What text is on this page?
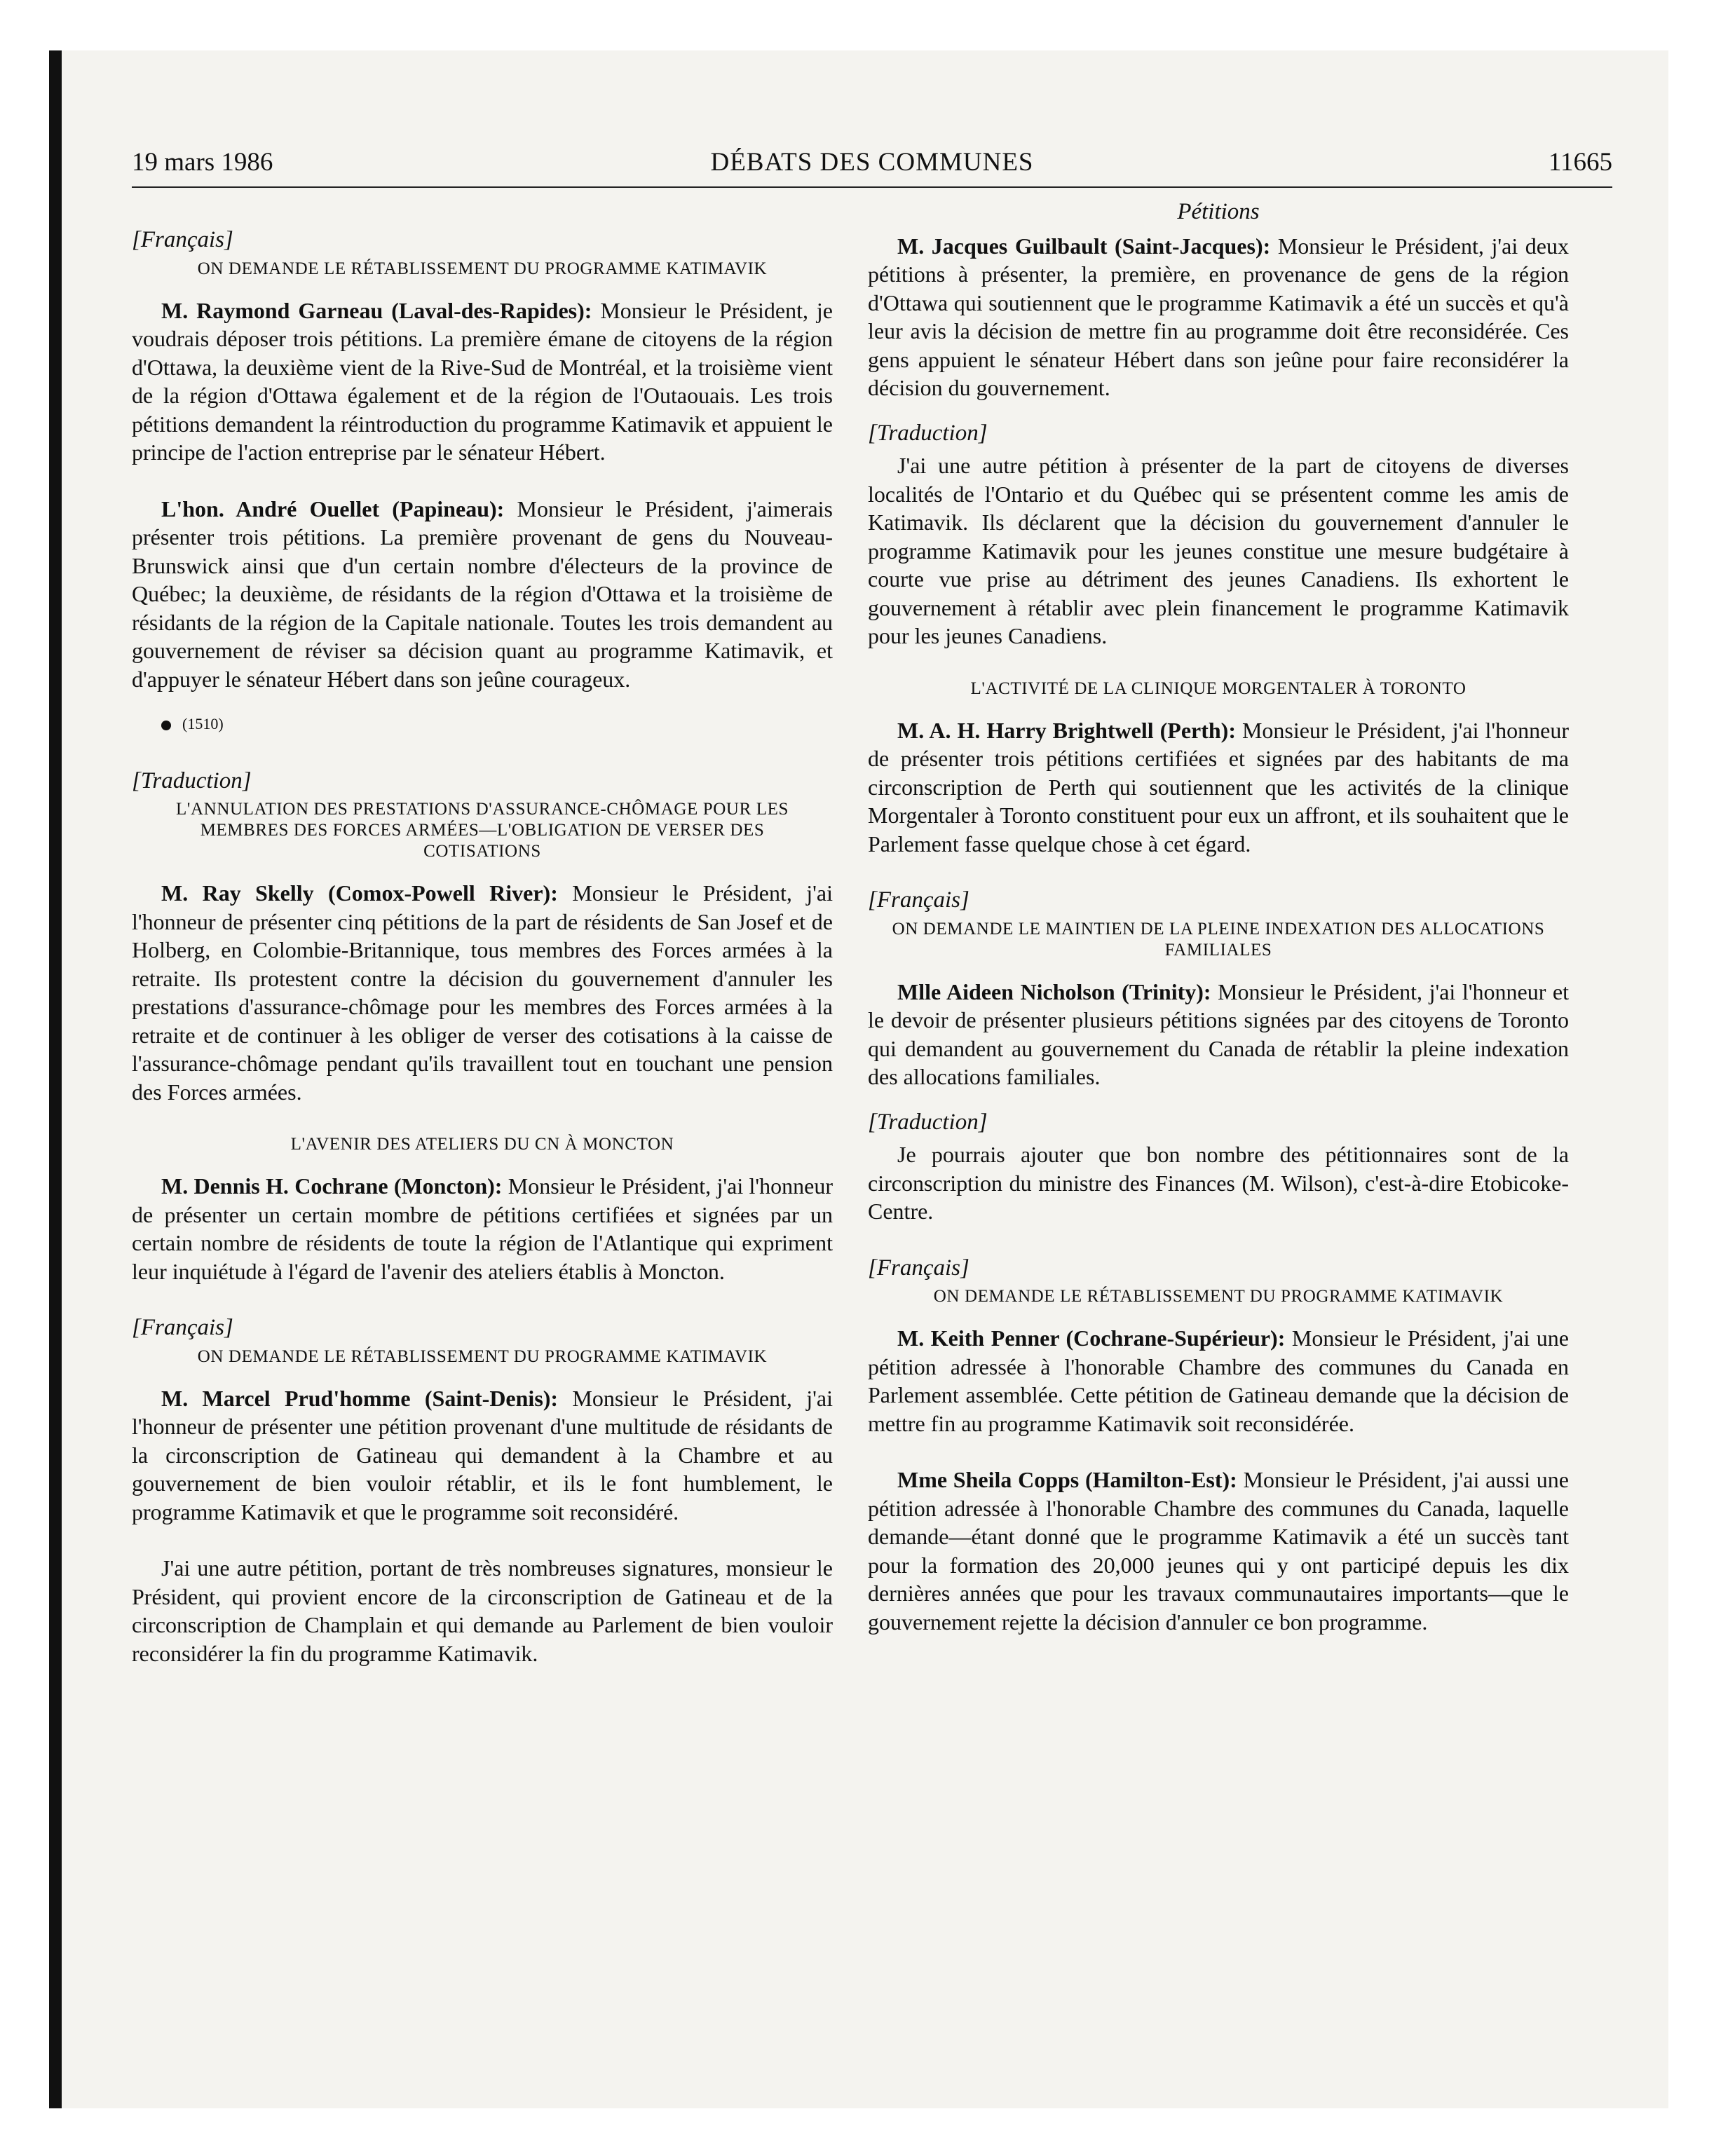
19 mars 1986	DÉBATS DES COMMUNES	11665

[Français]

ON DEMANDE LE RÉTABLISSEMENT DU PROGRAMME KATIMAVIK

M. Raymond Garneau (Laval-des-Rapides): Monsieur le Président, je voudrais déposer trois pétitions. La première émane de citoyens de la région d'Ottawa, la deuxième vient de la Rive-Sud de Montréal, et la troisième vient de la région d'Ottawa également et de la région de l'Outaouais. Les trois pétitions demandent la réintroduction du programme Katimavik et appuient le principe de l'action entreprise par le sénateur Hébert.

L'hon. André Ouellet (Papineau): Monsieur le Président, j'aimerais présenter trois pétitions. La première provenant de gens du Nouveau-Brunswick ainsi que d'un certain nombre d'électeurs de la province de Québec; la deuxième, de résidants de la région d'Ottawa et la troisième de résidants de la région de la Capitale nationale. Toutes les trois demandent au gouvernement de réviser sa décision quant au programme Katimavik, et d'appuyer le sénateur Hébert dans son jeûne courageux.

(1510)

[Traduction]

L'ANNULATION DES PRESTATIONS D'ASSURANCE-CHÔMAGE POUR LES MEMBRES DES FORCES ARMÉES—L'OBLIGATION DE VERSER DES COTISATIONS

M. Ray Skelly (Comox-Powell River): Monsieur le Président, j'ai l'honneur de présenter cinq pétitions de la part de résidents de San Josef et de Holberg, en Colombie-Britannique, tous membres des Forces armées à la retraite. Ils protestent contre la décision du gouvernement d'annuler les prestations d'assurance-chômage pour les membres des Forces armées à la retraite et de continuer à les obliger de verser des cotisations à la caisse de l'assurance-chômage pendant qu'ils travaillent tout en touchant une pension des Forces armées.

L'AVENIR DES ATELIERS DU CN À MONCTON

M. Dennis H. Cochrane (Moncton): Monsieur le Président, j'ai l'honneur de présenter un certain mombre de pétitions certifiées et signées par un certain nombre de résidents de toute la région de l'Atlantique qui expriment leur inquiétude à l'égard de l'avenir des ateliers établis à Moncton.

[Français]

ON DEMANDE LE RÉTABLISSEMENT DU PROGRAMME KATIMAVIK

M. Marcel Prud'homme (Saint-Denis): Monsieur le Président, j'ai l'honneur de présenter une pétition provenant d'une multitude de résidants de la circonscription de Gatineau qui demandent à la Chambre et au gouvernement de bien vouloir rétablir, et ils le font humblement, le programme Katimavik et que le programme soit reconsidéré.

J'ai une autre pétition, portant de très nombreuses signatures, monsieur le Président, qui provient encore de la circonscription de Gatineau et de la circonscription de Champlain et qui demande au Parlement de bien vouloir reconsidérer la fin du programme Katimavik.

Pétitions

M. Jacques Guilbault (Saint-Jacques): Monsieur le Président, j'ai deux pétitions à présenter, la première, en provenance de gens de la région d'Ottawa qui soutiennent que le programme Katimavik a été un succès et qu'à leur avis la décision de mettre fin au programme doit être reconsidérée. Ces gens appuient le sénateur Hébert dans son jeûne pour faire reconsidérer la décision du gouvernement.

[Traduction]

J'ai une autre pétition à présenter de la part de citoyens de diverses localités de l'Ontario et du Québec qui se présentent comme les amis de Katimavik. Ils déclarent que la décision du gouvernement d'annuler le programme Katimavik pour les jeunes constitue une mesure budgétaire à courte vue prise au détriment des jeunes Canadiens. Ils exhortent le gouvernement à rétablir avec plein financement le programme Katimavik pour les jeunes Canadiens.

L'ACTIVITÉ DE LA CLINIQUE MORGENTALER À TORONTO

M. A. H. Harry Brightwell (Perth): Monsieur le Président, j'ai l'honneur de présenter trois pétitions certifiées et signées par des habitants de ma circonscription de Perth qui soutiennent que les activités de la clinique Morgentaler à Toronto constituent pour eux un affront, et ils souhaitent que le Parlement fasse quelque chose à cet égard.

[Français]

ON DEMANDE LE MAINTIEN DE LA PLEINE INDEXATION DES ALLOCATIONS FAMILIALES

Mlle Aideen Nicholson (Trinity): Monsieur le Président, j'ai l'honneur et le devoir de présenter plusieurs pétitions signées par des citoyens de Toronto qui demandent au gouvernement du Canada de rétablir la pleine indexation des allocations familiales.

[Traduction]

Je pourrais ajouter que bon nombre des pétitionnaires sont de la circonscription du ministre des Finances (M. Wilson), c'est-à-dire Etobicoke-Centre.

[Français]

ON DEMANDE LE RÉTABLISSEMENT DU PROGRAMME KATIMAVIK

M. Keith Penner (Cochrane-Supérieur): Monsieur le Président, j'ai une pétition adressée à l'honorable Chambre des communes du Canada en Parlement assemblée. Cette pétition de Gatineau demande que la décision de mettre fin au programme Katimavik soit reconsidérée.

Mme Sheila Copps (Hamilton-Est): Monsieur le Président, j'ai aussi une pétition adressée à l'honorable Chambre des communes du Canada, laquelle demande—étant donné que le programme Katimavik a été un succès tant pour la formation des 20,000 jeunes qui y ont participé depuis les dix dernières années que pour les travaux communautaires importants—que le gouvernement rejette la décision d'annuler ce bon programme.
